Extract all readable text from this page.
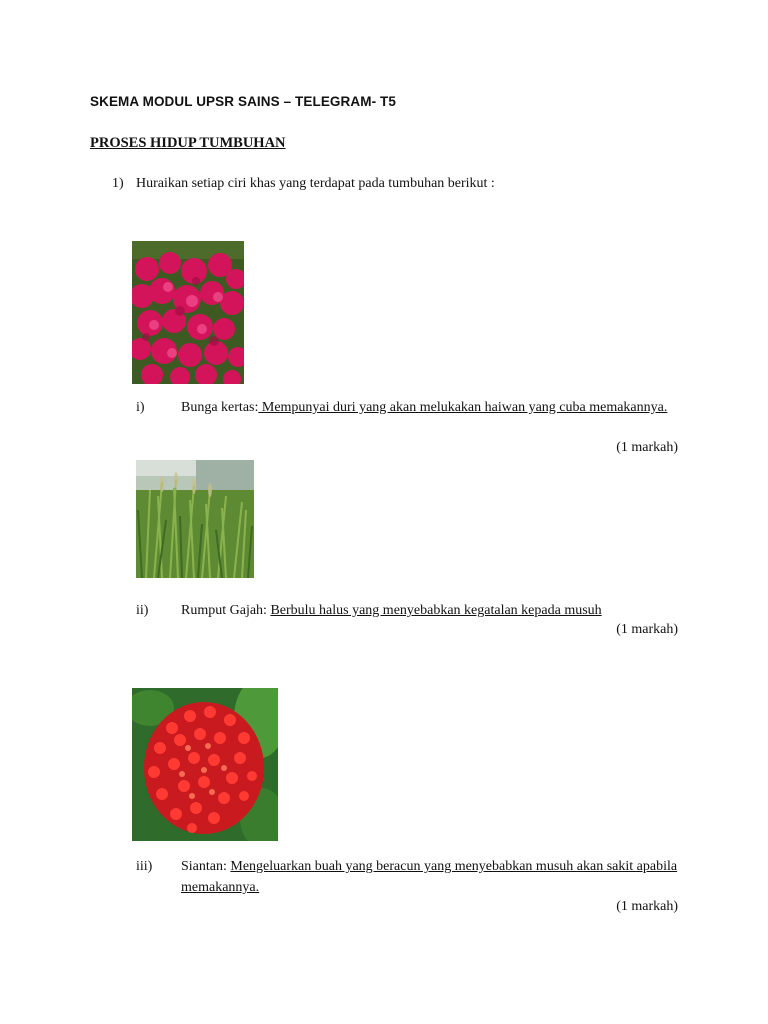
SKEMA MODUL UPSR SAINS – TELEGRAM- T5
PROSES HIDUP TUMBUHAN
1) Huraikan setiap ciri khas yang terdapat pada tumbuhan berikut :
i)	Bunga kertas: Mempunyai duri yang akan melukakan haiwan yang cuba memakannya.
(1 markah)
ii) Rumput Gajah: Berbulu halus yang menyebabkan kegatalan kepada musuh
(1 markah)
iii) Siantan: Mengeluarkan buah yang beracun yang menyebabkan musuh akan sakit apabila memakannya.
(1 markah)
